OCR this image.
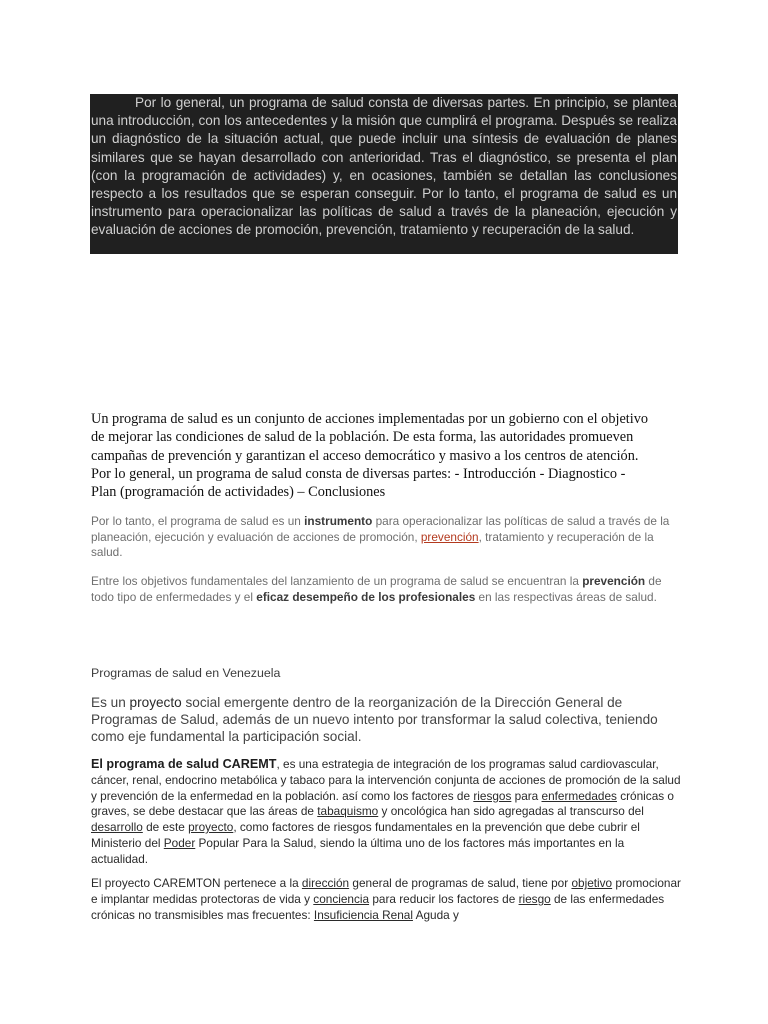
Por lo general, un programa de salud consta de diversas partes. En principio, se plantea una introducción, con los antecedentes y la misión que cumplirá el programa. Después se realiza un diagnóstico de la situación actual, que puede incluir una síntesis de evaluación de planes similares que se hayan desarrollado con anterioridad. Tras el diagnóstico, se presenta el plan (con la programación de actividades) y, en ocasiones, también se detallan las conclusiones respecto a los resultados que se esperan conseguir. Por lo tanto, el programa de salud es un instrumento para operacionalizar las políticas de salud a través de la planeación, ejecución y evaluación de acciones de promoción, prevención, tratamiento y recuperación de la salud.
Un programa de salud es un conjunto de acciones implementadas por un gobierno con el objetivo
de mejorar las condiciones de salud de la población. De esta forma, las autoridades promueven
campañas de prevención y garantizan el acceso democrático y masivo a los centros de atención.
Por lo general, un programa de salud consta de diversas partes: - Introducción - Diagnostico -
Plan (programación de actividades) – Conclusiones
Por lo tanto, el programa de salud es un instrumento para operacionalizar las políticas de salud a través de la planeación, ejecución y evaluación de acciones de promoción, prevención, tratamiento y recuperación de la salud.
Entre los objetivos fundamentales del lanzamiento de un programa de salud se encuentran la prevención de todo tipo de enfermedades y el eficaz desempeño de los profesionales en las respectivas áreas de salud.
Programas de salud en Venezuela
Es un proyecto social emergente dentro de la reorganización de la Dirección General de Programas de Salud, además de un nuevo intento por transformar la salud colectiva, teniendo como eje fundamental la participación social.
El programa de salud CAREMT, es una estrategia de integración de los programas salud cardiovascular, cáncer, renal, endocrino metabólica y tabaco para la intervención conjunta de acciones de promoción de la salud y prevención de la enfermedad en la población. así como los factores de riesgos para enfermedades crónicas o graves, se debe destacar que las áreas de tabaquismo y oncológica han sido agregadas al transcurso del desarrollo de este proyecto, como factores de riesgos fundamentales en la prevención que debe cubrir el Ministerio del Poder Popular Para la Salud, siendo la última uno de los factores más importantes en la actualidad.
El proyecto CAREMTON pertenece a la dirección general de programas de salud, tiene por objetivo promocionar e implantar medidas protectoras de vida y conciencia para reducir los factores de riesgo de las enfermedades crónicas no transmisibles mas frecuentes: Insuficiencia Renal Aguda y
